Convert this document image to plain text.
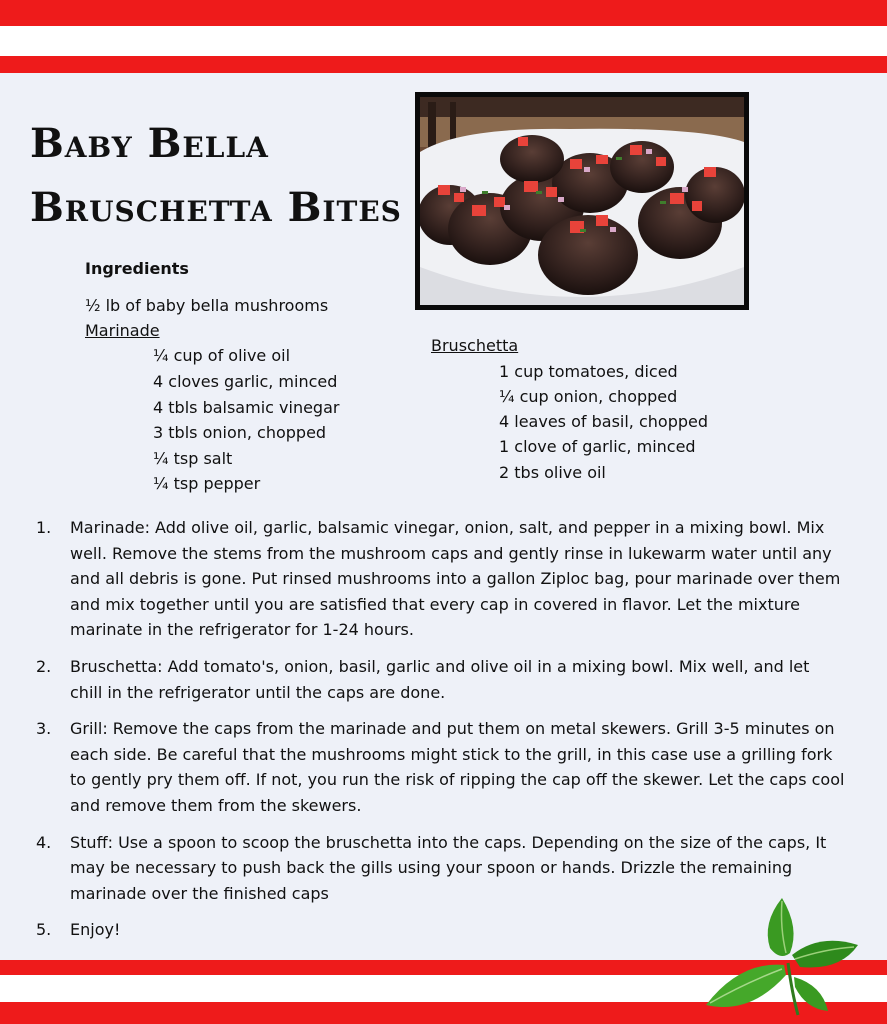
Baby Bella
Bruschetta Bites
Ingredients
½ lb of baby bella mushrooms
Marinade
¼ cup of olive oil
4 cloves garlic, minced
4 tbls balsamic vinegar
3 tbls onion, chopped
¼ tsp salt
¼ tsp pepper
Bruschetta
1 cup tomatoes, diced
¼ cup onion, chopped
4 leaves of basil, chopped
1 clove of garlic, minced
2 tbs olive oil
1. Marinade: Add olive oil, garlic, balsamic vinegar, onion, salt, and pepper in a mixing bowl. Mix well. Remove the stems from the mushroom caps and gently rinse in lukewarm water until any and all debris is gone. Put rinsed mushrooms into a gallon Ziploc bag, pour marinade over them and mix together until you are satisfied that every cap in covered in flavor. Let the mixture marinate in the refrigerator for 1-24 hours.
2. Bruschetta: Add tomato's, onion, basil, garlic and olive oil in a mixing bowl. Mix well, and let chill in the refrigerator until the caps are done.
3. Grill: Remove the caps from the marinade and put them on metal skewers. Grill 3-5 minutes on each side. Be careful that the mushrooms might stick to the grill, in this case use a grilling fork to gently pry them off. If not, you run the risk of ripping the cap off the skewer. Let the caps cool and remove them from the skewers.
4. Stuff: Use a spoon to scoop the bruschetta into the caps. Depending on the size of the caps, It may be necessary to push back the gills using your spoon or hands. Drizzle the remaining marinade over the finished caps
5. Enjoy!
